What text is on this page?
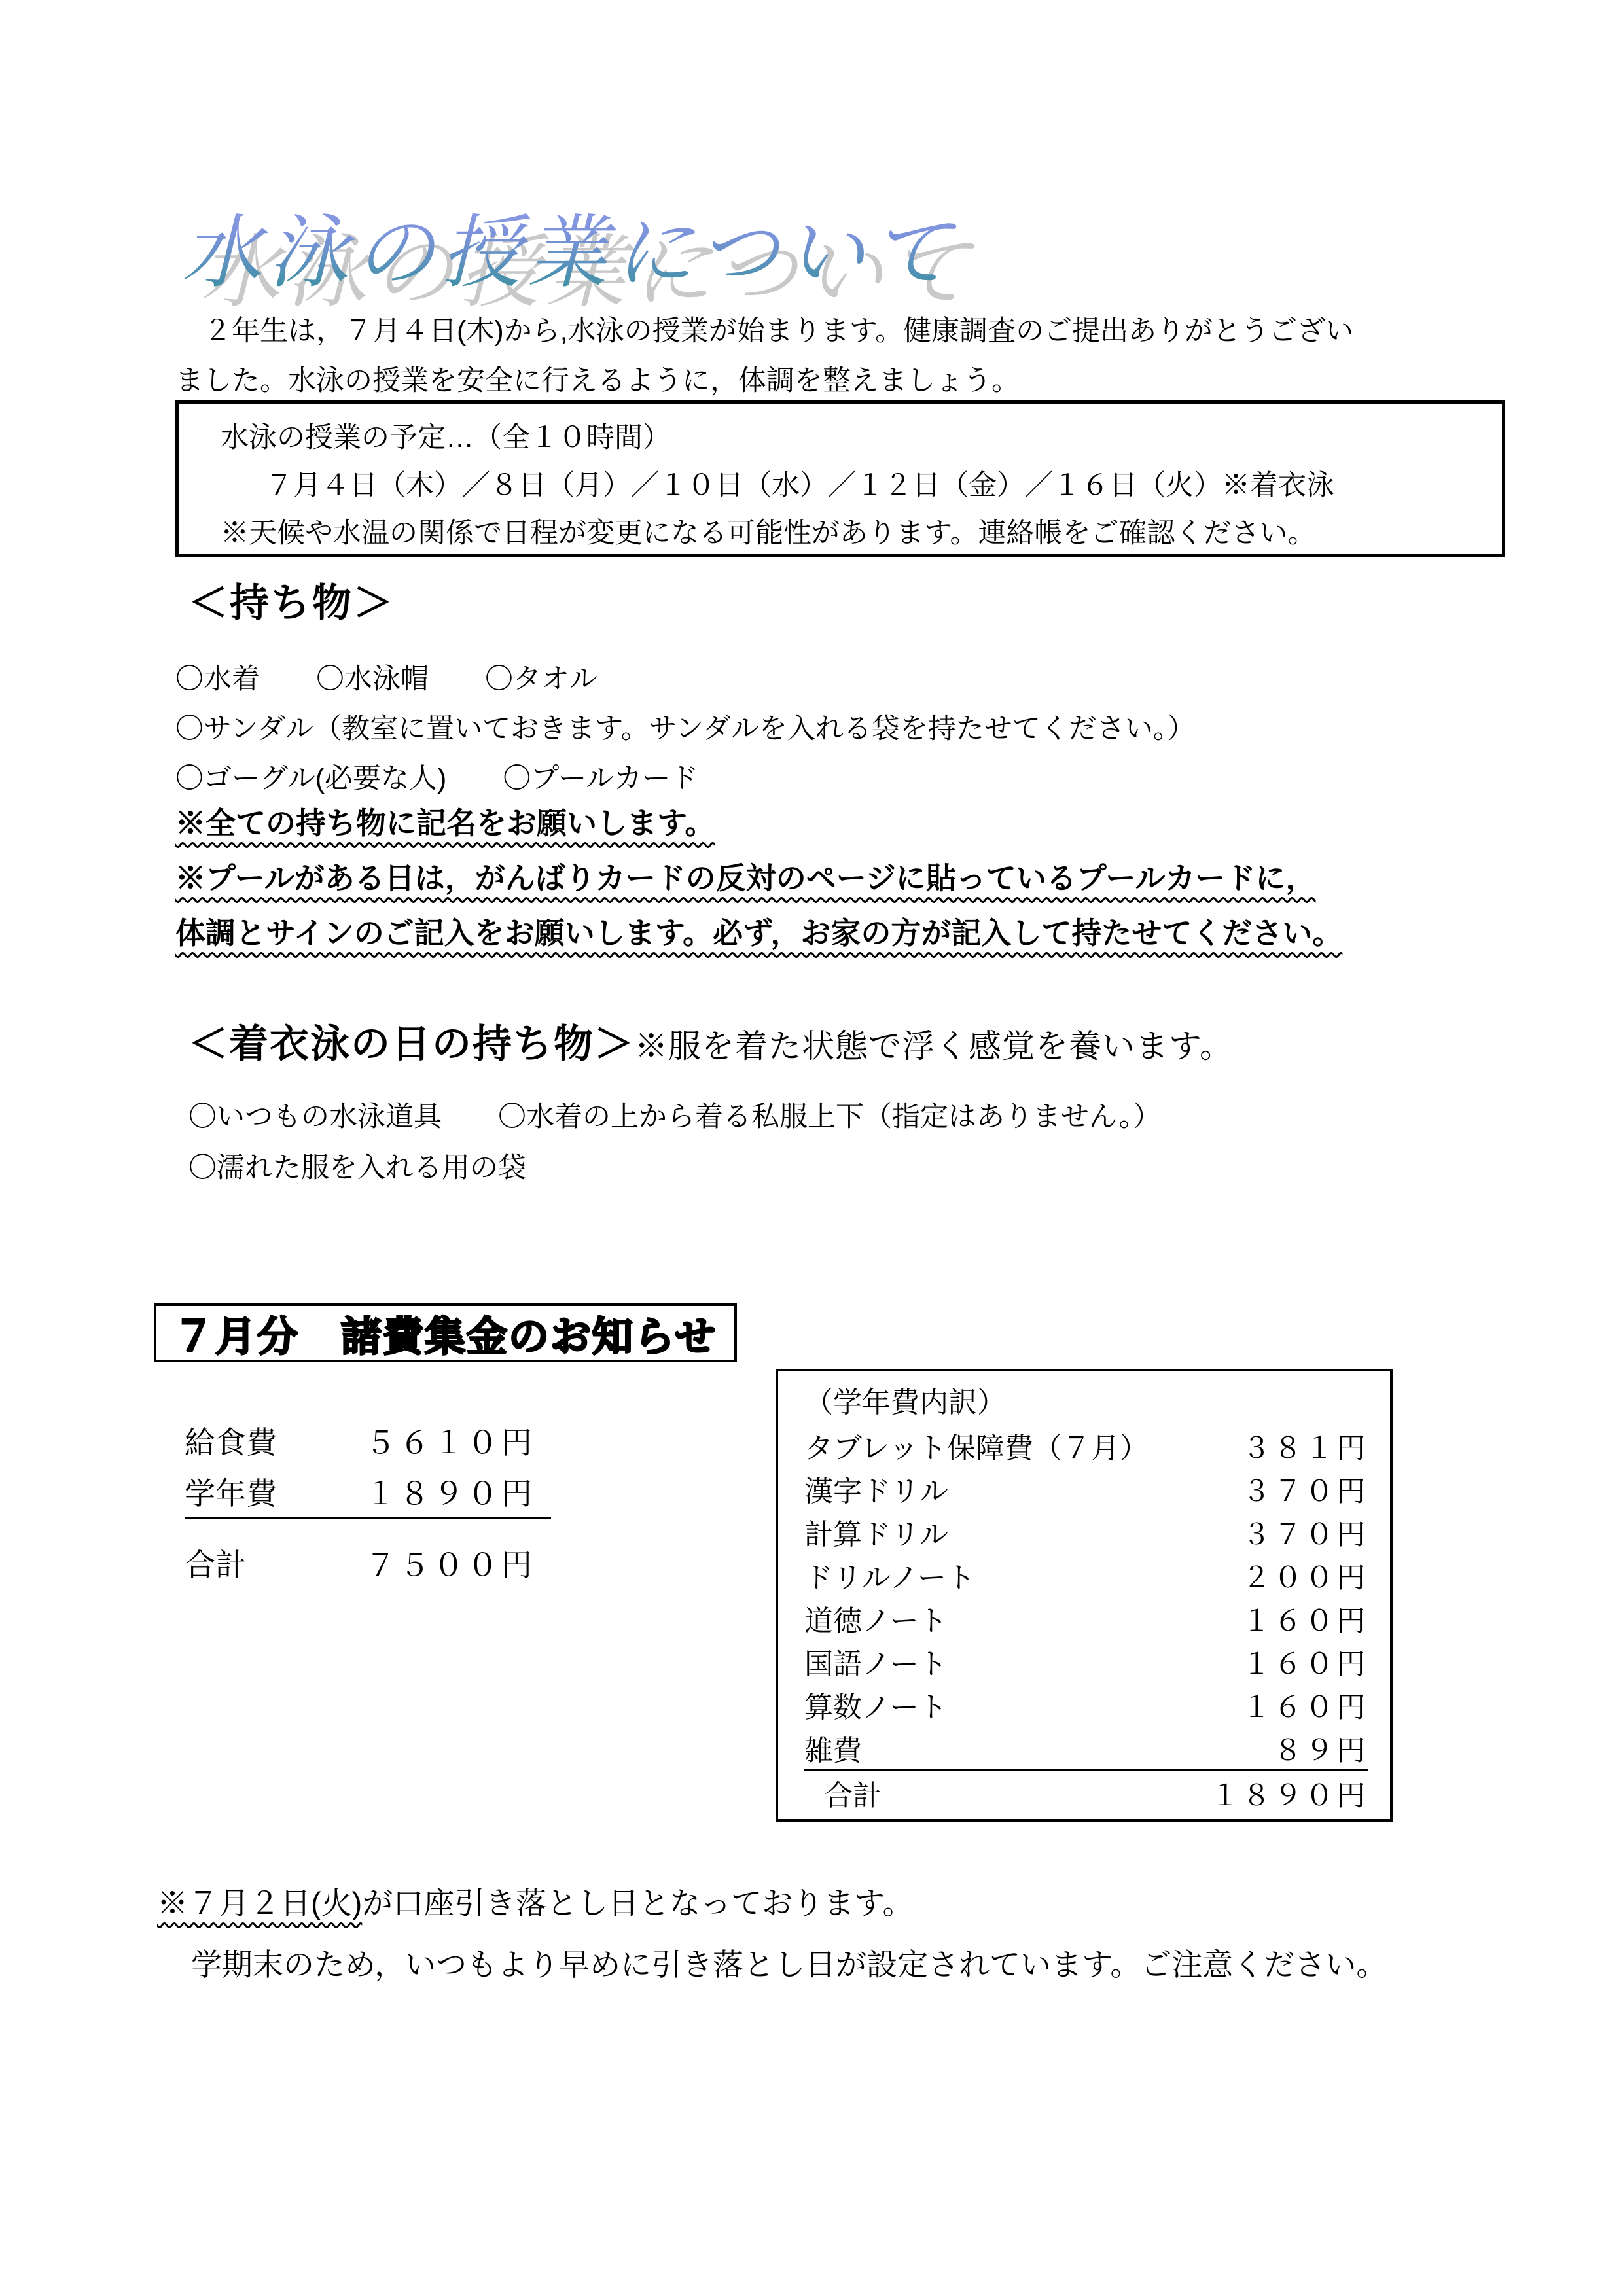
水泳の授業について
　２年生は，７月４日(木)から,水泳の授業が始まります。健康調査のご提出ありがとうござい
ました。水泳の授業を安全に行えるように，体調を整えましょう。
水泳の授業の予定…（全１０時間）
７月４日（木）／８日（月）／１０日（水）／１２日（金）／１６日（火）※着衣泳
※天候や水温の関係で日程が変更になる可能性があります。連絡帳をご確認ください。
＜持ち物＞
〇水着　　〇水泳帽　　〇タオル
〇サンダル（教室に置いておきます。サンダルを入れる袋を持たせてください。）
〇ゴーグル(必要な人)　　〇プールカード
※全ての持ち物に記名をお願いします。
※プールがある日は，がんばりカードの反対のページに貼っているプールカードに，
体調とサインのご記入をお願いします。必ず，お家の方が記入して持たせてください。
＜着衣泳の日の持ち物＞※服を着た状態で浮く感覚を養います。
〇いつもの水泳道具　　〇水着の上から着る私服上下（指定はありません。）
〇濡れた服を入れる用の袋
７月分　諸費集金のお知らせ
給食費	５６１０円
学年費	１８９０円
合計	７５００円
（学年費内訳）
タブレット保障費（７月）	３８１円
漢字ドリル	３７０円
計算ドリル	３７０円
ドリルノート	２００円
道徳ノート	１６０円
国語ノート	１６０円
算数ノート	１６０円
雑費	８９円
合計	１８９０円
※７月２日(火)が口座引き落とし日となっております。
学期末のため，いつもより早めに引き落とし日が設定されています。ご注意ください。
